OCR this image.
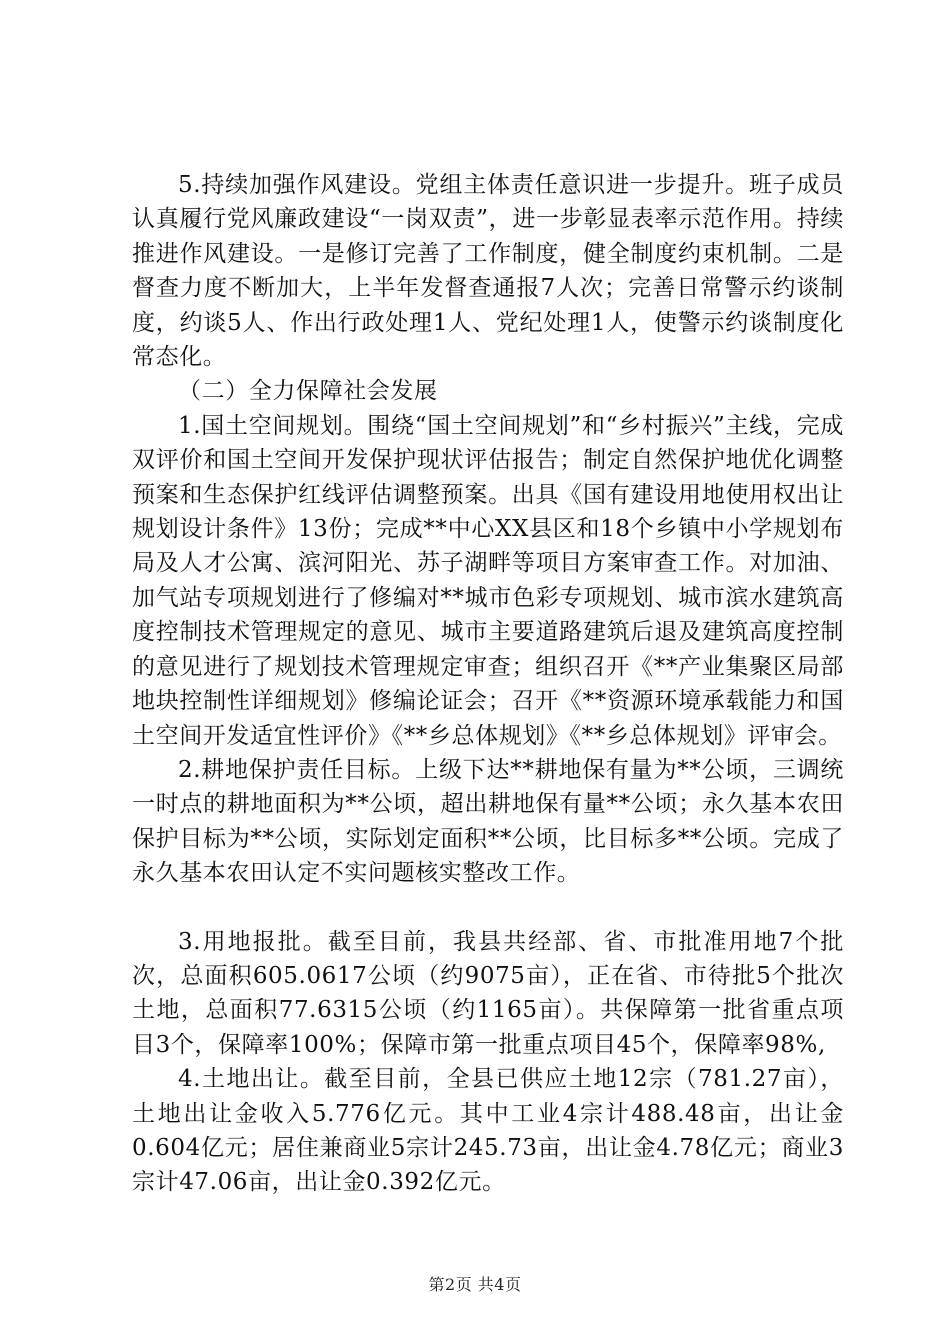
5.持续加强作风建设。党组主体责任意识进一步提升。班子成员认真履行党风廉政建设“一岗双责”，进一步彰显表率示范作用。持续推进作风建设。一是修订完善了工作制度，健全制度约束机制。二是督查力度不断加大，上半年发督查通报7人次；完善日常警示约谈制度，约谈5人、作出行政处理1人、党纪处理1人，使警示约谈制度化常态化。

（二）全力保障社会发展

1.国土空间规划。围绕“国土空间规划”和“乡村振兴”主线，完成双评价和国土空间开发保护现状评估报告；制定自然保护地优化调整预案和生态保护红线评估调整预案。出具《国有建设用地使用权出让规划设计条件》13份；完成**中心XX县区和18个乡镇中小学规划布局及人才公寓、滨河阳光、苏子湖畔等项目方案审查工作。对加油、加气站专项规划进行了修编对**城市色彩专项规划、城市滨水建筑高度控制技术管理规定的意见、城市主要道路建筑后退及建筑高度控制的意见进行了规划技术管理规定审查；组织召开《**产业集聚区局部地块控制性详细规划》修编论证会；召开《**资源环境承载能力和国土空间开发适宜性评价》《**乡总体规划》《**乡总体规划》评审会。

2.耕地保护责任目标。上级下达**耕地保有量为**公顷，三调统一时点的耕地面积为**公顷，超出耕地保有量**公顷；永久基本农田保护目标为**公顷，实际划定面积**公顷，比目标多**公顷。完成了永久基本农田认定不实问题核实整改工作。

3.用地报批。截至目前，我县共经部、省、市批准用地7个批次，总面积605.0617公顷（约9075亩），正在省、市待批5个批次土地，总面积77.6315公顷（约1165亩）。共保障第一批省重点项目3个，保障率100%；保障市第一批重点项目45个，保障率98%,

4.土地出让。截至目前，全县已供应土地12宗（781.27亩），土地出让金收入5.776亿元。其中工业4宗计488.48亩，出让金0.604亿元；居住兼商业5宗计245.73亩，出让金4.78亿元；商业3宗计47.06亩，出让金0.392亿元。

第2页 共4页
